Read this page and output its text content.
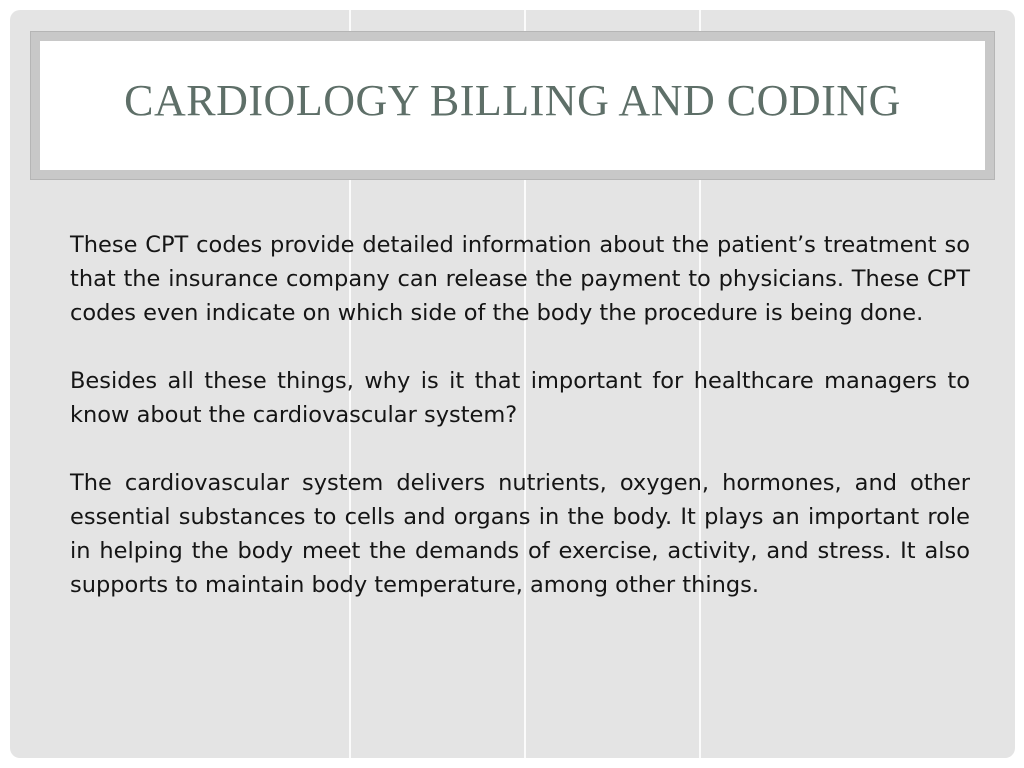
CARDIOLOGY BILLING AND CODING

These CPT codes provide detailed information about the patient’s treatment so that the insurance company can release the payment to physicians. These CPT codes even indicate on which side of the body the procedure is being done.

Besides all these things, why is it that important for healthcare managers to know about the cardiovascular system?

The cardiovascular system delivers nutrients, oxygen, hormones, and other essential substances to cells and organs in the body. It plays an important role in helping the body meet the demands of exercise, activity, and stress. It also supports to maintain body temperature, among other things.
